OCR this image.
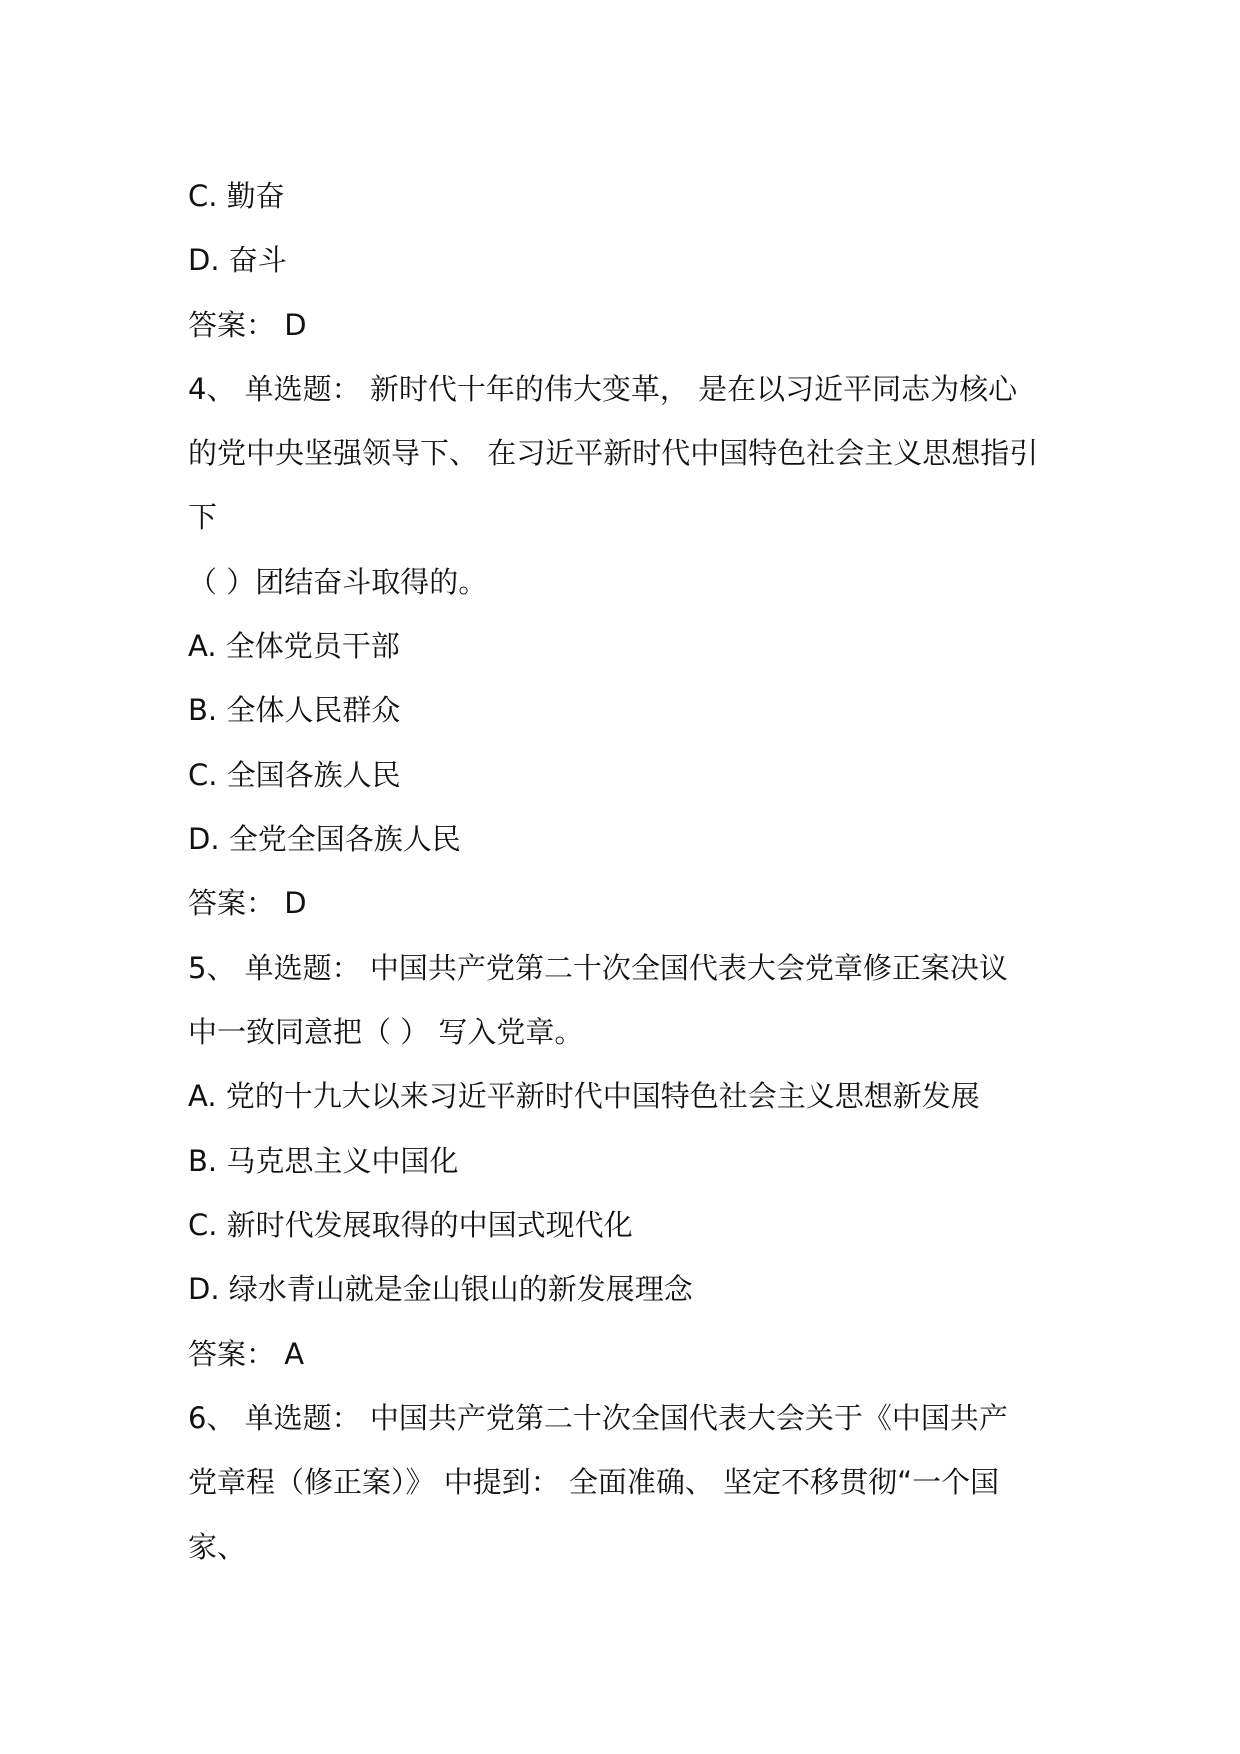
C. 勤奋
D. 奋斗
答案： D
4、 单选题： 新时代十年的伟大变革， 是在以习近平同志为核心
的党中央坚强领导下、 在习近平新时代中国特色社会主义思想指引
下
（ ）团结奋斗取得的。
A. 全体党员干部
B. 全体人民群众
C. 全国各族人民
D. 全党全国各族人民
答案： D
5、 单选题： 中国共产党第二十次全国代表大会党章修正案决议
中一致同意把（ ） 写入党章。
A. 党的十九大以来习近平新时代中国特色社会主义思想新发展
B. 马克思主义中国化
C. 新时代发展取得的中国式现代化
D. 绿水青山就是金山银山的新发展理念
答案： A
6、 单选题： 中国共产党第二十次全国代表大会关于《中国共产
党章程（修正案）》 中提到： 全面准确、 坚定不移贯彻“一个国
家、
